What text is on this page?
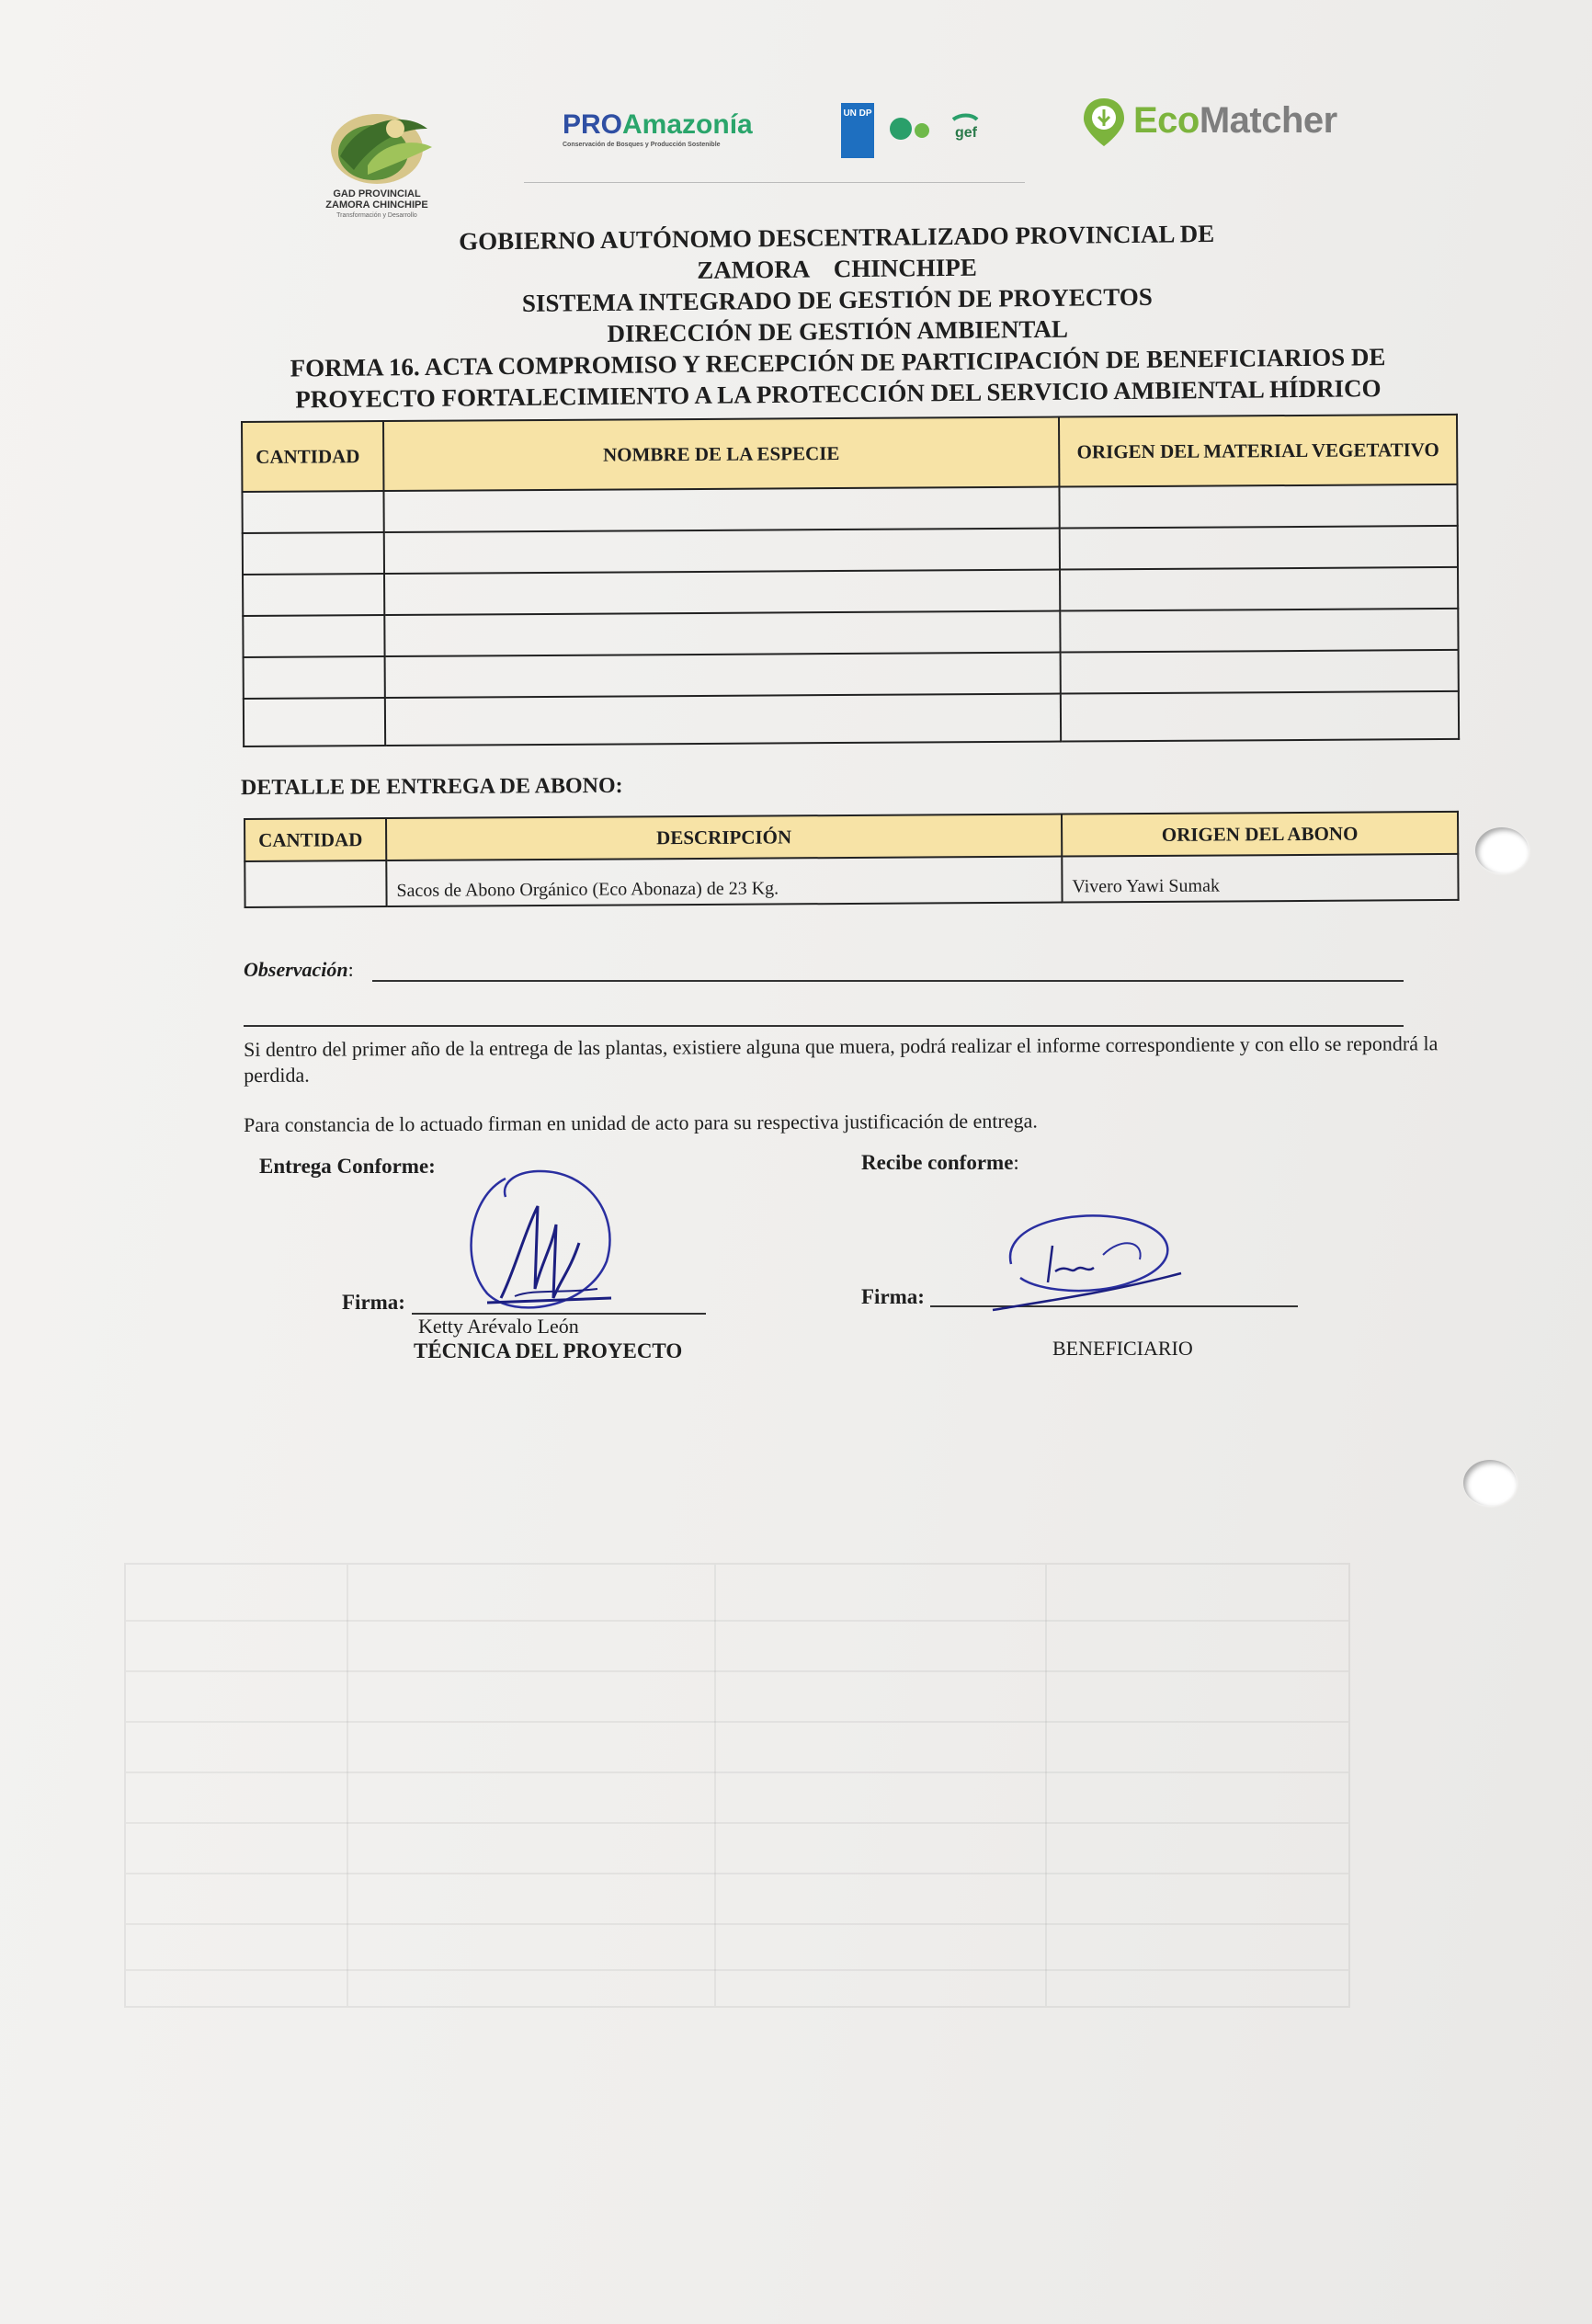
GAD PROVINCIAL
ZAMORA CHINCHIPE
Transformación y Desarrollo
PROAmazonía
Conservación de Bosques y Producción Sostenible
UN DP
gef	EcoMatcher
GOBIERNO AUTÓNOMO DESCENTRALIZADO PROVINCIAL DE
ZAMORA    CHINCHIPE
SISTEMA INTEGRADO DE GESTIÓN DE PROYECTOS
DIRECCIÓN DE GESTIÓN AMBIENTAL
FORMA 16. ACTA COMPROMISO Y RECEPCIÓN DE PARTICIPACIÓN DE BENEFICIARIOS DE
PROYECTO FORTALECIMIENTO A LA PROTECCIÓN DEL SERVICIO AMBIENTAL HÍDRICO
CANTIDAD	NOMBRE DE LA ESPECIE	ORIGEN DEL MATERIAL VEGETATIVO

DETALLE DE ENTREGA DE ABONO:
CANTIDAD	DESCRIPCIÓN	ORIGEN DEL ABONO
	Sacos de Abono Orgánico (Eco Abonaza) de 23 Kg.	Vivero Yawi Sumak
Observación:
Si dentro del primer año de la entrega de las plantas, existiere alguna que muera, podrá realizar el informe correspondiente y con ello se repondrá la perdida.
Para constancia de lo actuado firman en unidad de acto para su respectiva justificación de entrega.
Entrega Conforme:
Firma:
Ketty Arévalo León
TÉCNICA DEL PROYECTO
Recibe conforme:
Firma:
BENEFICIARIO
